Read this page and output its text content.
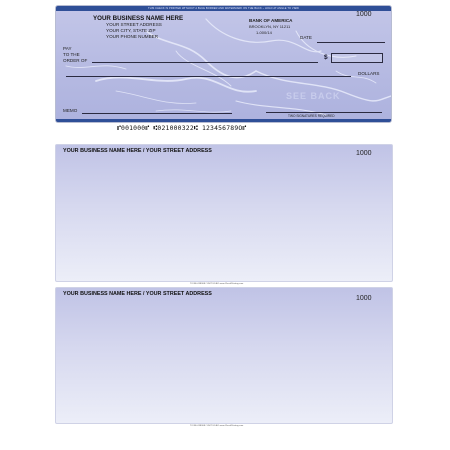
THIS CHECK IS PRINTED WITHOUT A BLUE BORDER AND WATERMARK ON THE BACK ~ HOLD AT ANGLE TO VIEW
1000
YOUR BUSINESS NAME HERE
YOUR STREET ADDRESS
YOUR CITY, STATE ZIP
YOUR PHONE NUMBER
BANK OF AMERICA
BROOKLYN, NY 11211
1-000/14
DATE
PAY
TO THE
ORDER OF	$
DOLLARS
SEE BACK
TWO SIGNATURES REQUIRED
MEMO
⑈001000⑈ ⑆021000322⑆ 123456789O⑈
YOUR BUSINESS NAME HERE / YOUR STREET ADDRESS	1000
TO RE-ORDER: VISIT US AT: www.CheckPrinting.com
YOUR BUSINESS NAME HERE / YOUR STREET ADDRESS
1000
TO RE-ORDER: VISIT US AT: www.CheckPrinting.com
